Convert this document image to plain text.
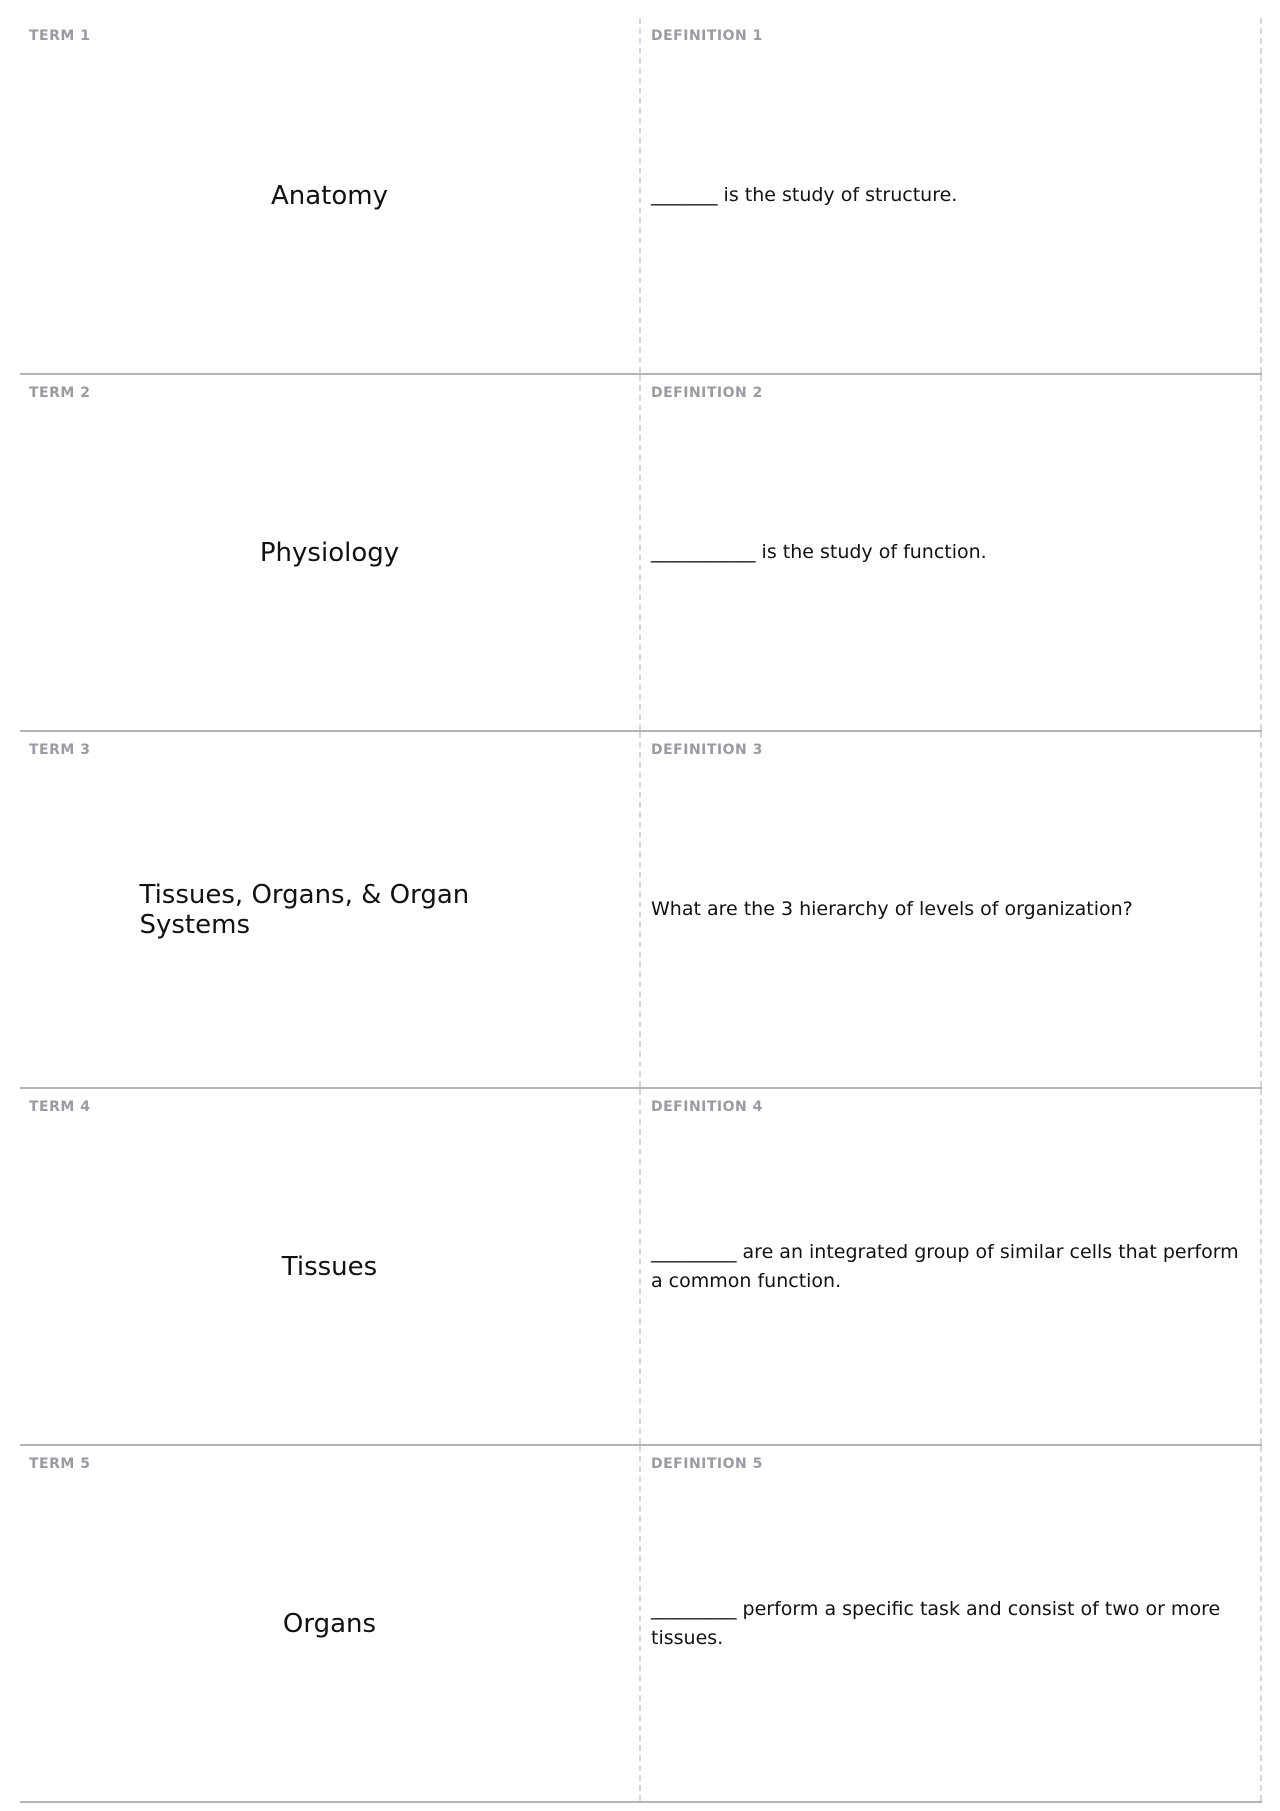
TERM 1
Anatomy
DEFINITION 1
_______ is the study of structure.
TERM 2
Physiology
DEFINITION 2
___________ is the study of function.
TERM 3
Tissues, Organs, & Organ Systems
DEFINITION 3
What are the 3 hierarchy of levels of organization?
TERM 4
Tissues
DEFINITION 4
_________ are an integrated group of similar cells that perform a common function.
TERM 5
Organs
DEFINITION 5
_________ perform a specific task and consist of two or more tissues.
